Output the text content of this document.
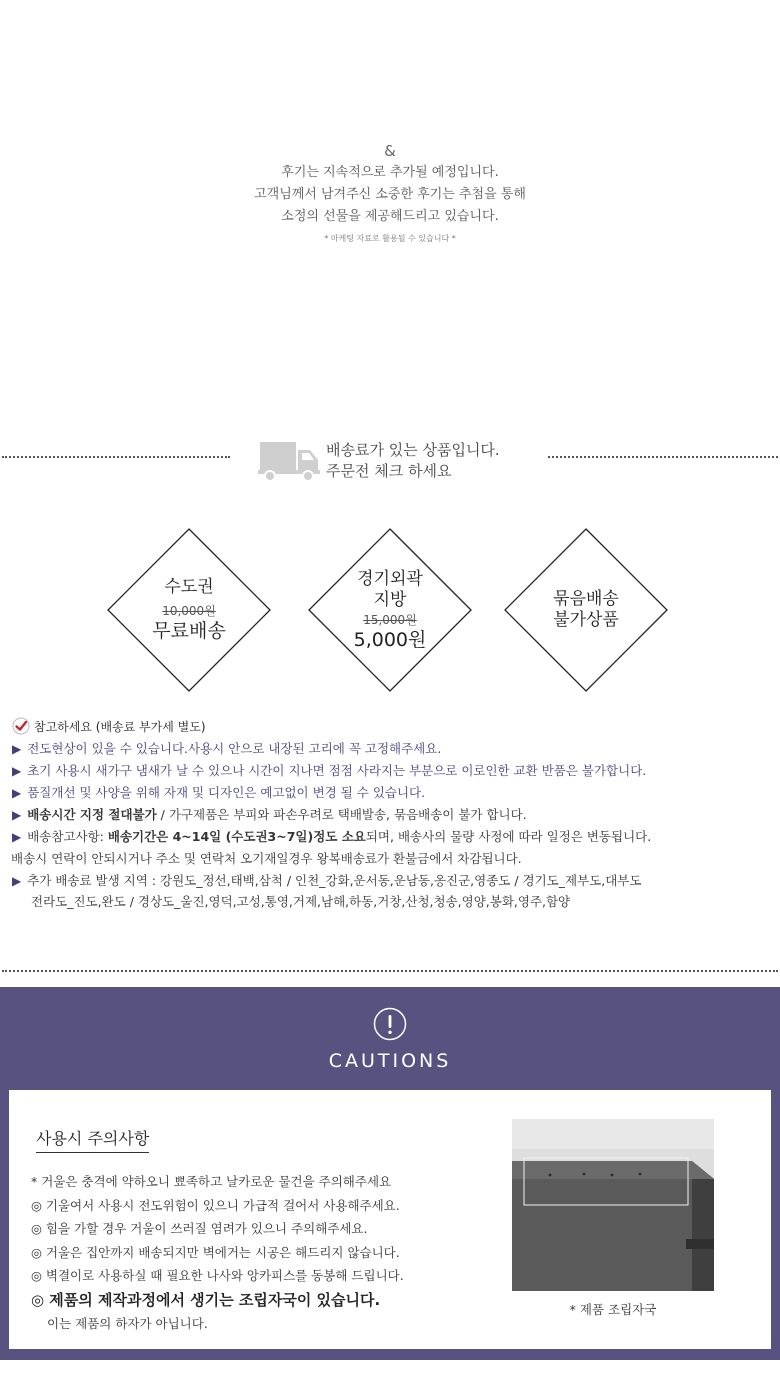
&
후기는 지속적으로 추가될 예정입니다.
고객님께서 남겨주신 소중한 후기는 추첨을 통해
소정의 선물을 제공해드리고 있습니다.
* 마케팅 자료로 활용될 수 있습니다 *
배송료가 있는 상품입니다.
주문전 체크 하세요
수도권
10,000원
무료배송
경기외곽
지방
15,000원
5,000원
묶음배송
불가상품
참고하세요 (배송료 부가세 별도)
▶ 전도현상이 있을 수 있습니다.사용시 안으로 내장된 고리에 꼭 고정해주세요.
▶ 초기 사용시 새가구 냄새가 날 수 있으나 시간이 지나면 점점 사라지는 부분으로 이로인한 교환 반품은 불가합니다.
▶ 품질개선 및 사양을 위해 자재 및 디자인은 예고없이 변경 될 수 있습니다.
▶ 배송시간 지정 절대불가 / 가구제품은 부피와 파손우려로 택배발송, 묶음배송이 불가 합니다.
▶ 배송참고사항: 배송기간은 4~14일 (수도권3~7일)정도 소요되며, 배송사의 물량 사정에 따라 일정은 변동됩니다.
배송시 연락이 안되시거나 주소 및 연락처 오기재일경우 왕복배송료가 환불금에서 차감됩니다.
▶ 추가 배송료 발생 지역 : 강원도_정선,태백,삼척 / 인천_강화,운서동,운남동,옹진군,영종도 / 경기도_제부도,대부도
전라도_진도,완도 / 경상도_울진,영덕,고성,통영,거제,남해,하동,거창,산청,청송,영양,봉화,영주,함양
CAUTIONS
사용시 주의사항
* 거울은 충격에 약하오니 뾰족하고 날카로운 물건을 주의해주세요
◎ 기울여서 사용시 전도위험이 있으니 가급적 걸어서 사용해주세요.
◎ 힘을 가할 경우 거울이 쓰러질 염려가 있으니 주의해주세요.
◎ 거울은 집안까지 배송되지만 벽에거는 시공은 해드리지 않습니다.
◎ 벽결이로 사용하실 때 필요한 나사와 앙카피스를 동봉해 드립니다.
◎ 제품의 제작과정에서 생기는 조립자국이 있습니다.
이는 제품의 하자가 아닙니다.
* 제품 조립자국
